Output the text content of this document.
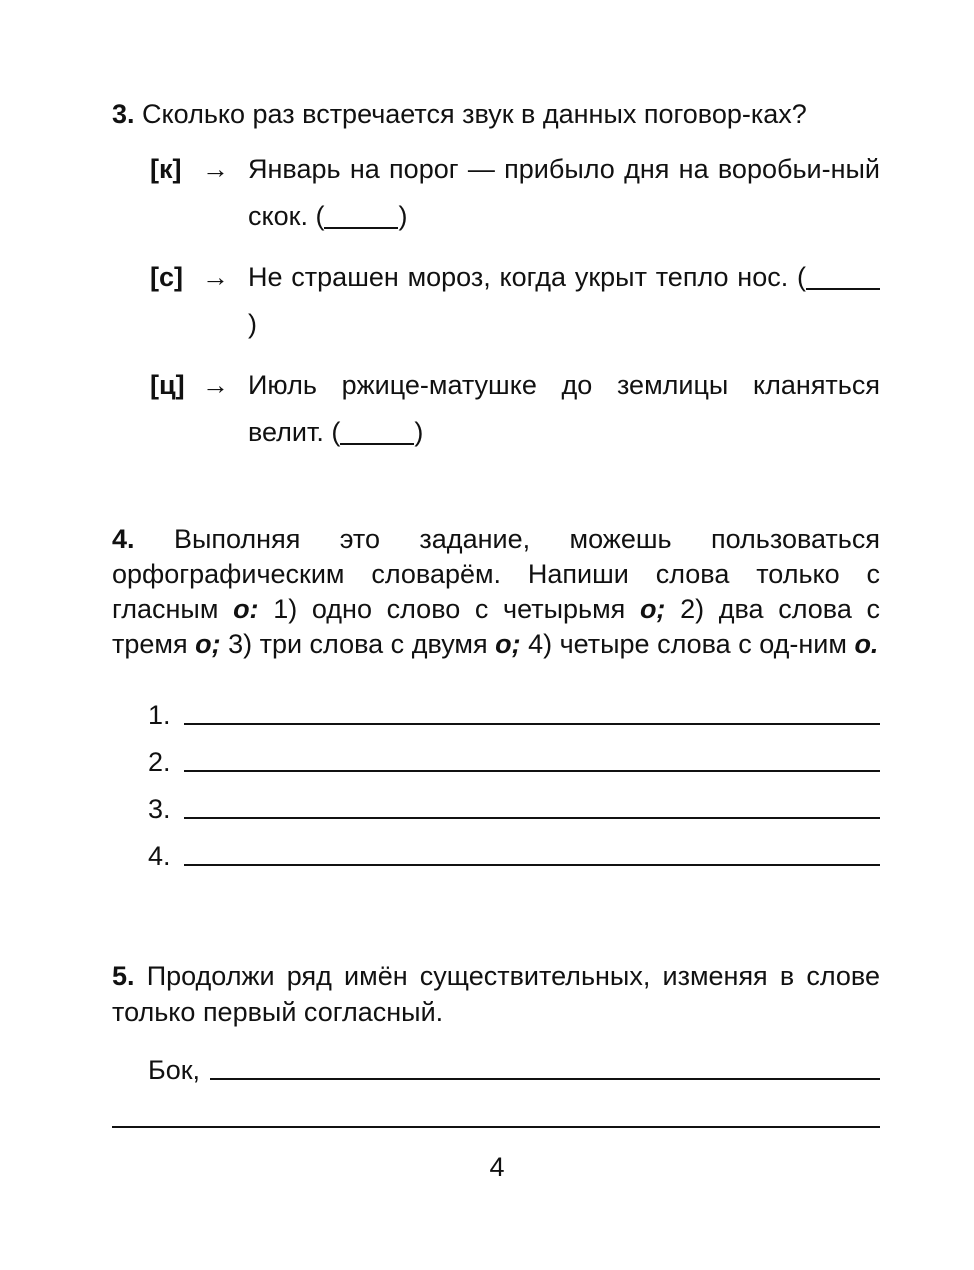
3. Сколько раз встречается звук в данных поговор-ках?
[к] → Январь на порог — прибыло дня на воробьи-ный скок. (	)
[с] → Не страшен мороз, когда укрыт тепло нос. ()
[ц] → Июль ржице-матушке до землицы кланяться велит. (	)
4. Выполняя это задание, можешь пользоваться орфографическим словарём. Напиши слова только с гласным о: 1) одно слово с четырьмя о; 2) два слова с тремя о; 3) три слова с двумя о; 4) четыре слова с од-ним о.
1.
2.
3.
4.
5. Продолжи ряд имён существительных, изменяя в слове только первый согласный.
Бок,
4
